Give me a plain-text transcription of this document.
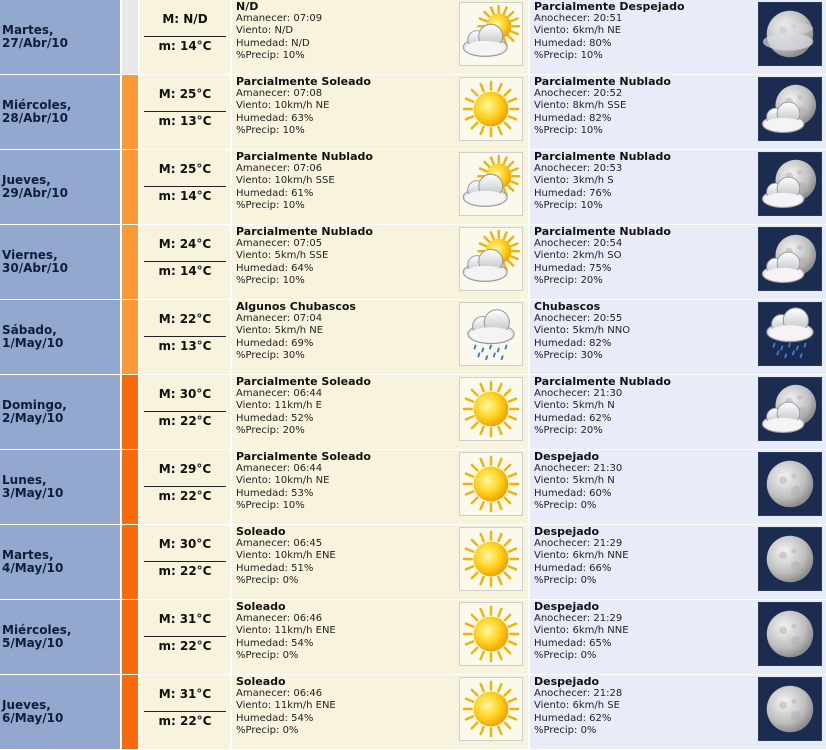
Martes,
27/Abr/10
M: N/D
m: 14°C
N/D
Amanecer: 07:09
Viento: N/D
Humedad: N/D
%Precip: 10%
Parcialmente Despejado
Anochecer: 20:51
Viento: 6km/h NE
Humedad: 80%
%Precip: 10%
Miércoles,
28/Abr/10
M: 25°C
m: 13°C
Parcialmente Soleado
Amanecer: 07:08
Viento: 10km/h NE
Humedad: 63%
%Precip: 10%
Parcialmente Nublado
Anochecer: 20:52
Viento: 8km/h SSE
Humedad: 82%
%Precip: 10%
Jueves,
29/Abr/10
M: 25°C
m: 14°C
Parcialmente Nublado
Amanecer: 07:06
Viento: 10km/h SSE
Humedad: 61%
%Precip: 10%
Parcialmente Nublado
Anochecer: 20:53
Viento: 3km/h S
Humedad: 76%
%Precip: 10%
Viernes,
30/Abr/10
M: 24°C
m: 14°C
Parcialmente Nublado
Amanecer: 07:05
Viento: 5km/h SSE
Humedad: 64%
%Precip: 10%
Parcialmente Nublado
Anochecer: 20:54
Viento: 2km/h SO
Humedad: 75%
%Precip: 20%
Sábado,
1/May/10
M: 22°C
m: 13°C
Algunos Chubascos
Amanecer: 07:04
Viento: 5km/h NE
Humedad: 69%
%Precip: 30%
Chubascos
Anochecer: 20:55
Viento: 5km/h NNO
Humedad: 82%
%Precip: 30%
Domingo,
2/May/10
M: 30°C
m: 22°C
Parcialmente Soleado
Amanecer: 06:44
Viento: 11km/h E
Humedad: 52%
%Precip: 20%
Parcialmente Nublado
Anochecer: 21:30
Viento: 5km/h N
Humedad: 62%
%Precip: 20%
Lunes,
3/May/10
M: 29°C
m: 22°C
Parcialmente Soleado
Amanecer: 06:44
Viento: 10km/h NE
Humedad: 53%
%Precip: 10%
Despejado
Anochecer: 21:30
Viento: 5km/h N
Humedad: 60%
%Precip: 0%
Martes,
4/May/10
M: 30°C
m: 22°C
Soleado
Amanecer: 06:45
Viento: 10km/h ENE
Humedad: 51%
%Precip: 0%
Despejado
Anochecer: 21:29
Viento: 6km/h NNE
Humedad: 66%
%Precip: 0%
Miércoles,
5/May/10
M: 31°C
m: 22°C
Soleado
Amanecer: 06:46
Viento: 11km/h ENE
Humedad: 54%
%Precip: 0%
Despejado
Anochecer: 21:29
Viento: 6km/h NNE
Humedad: 65%
%Precip: 0%
Jueves,
6/May/10
M: 31°C
m: 22°C
Soleado
Amanecer: 06:46
Viento: 11km/h ENE
Humedad: 54%
%Precip: 0%
Despejado
Anochecer: 21:28
Viento: 6km/h SE
Humedad: 62%
%Precip: 0%
